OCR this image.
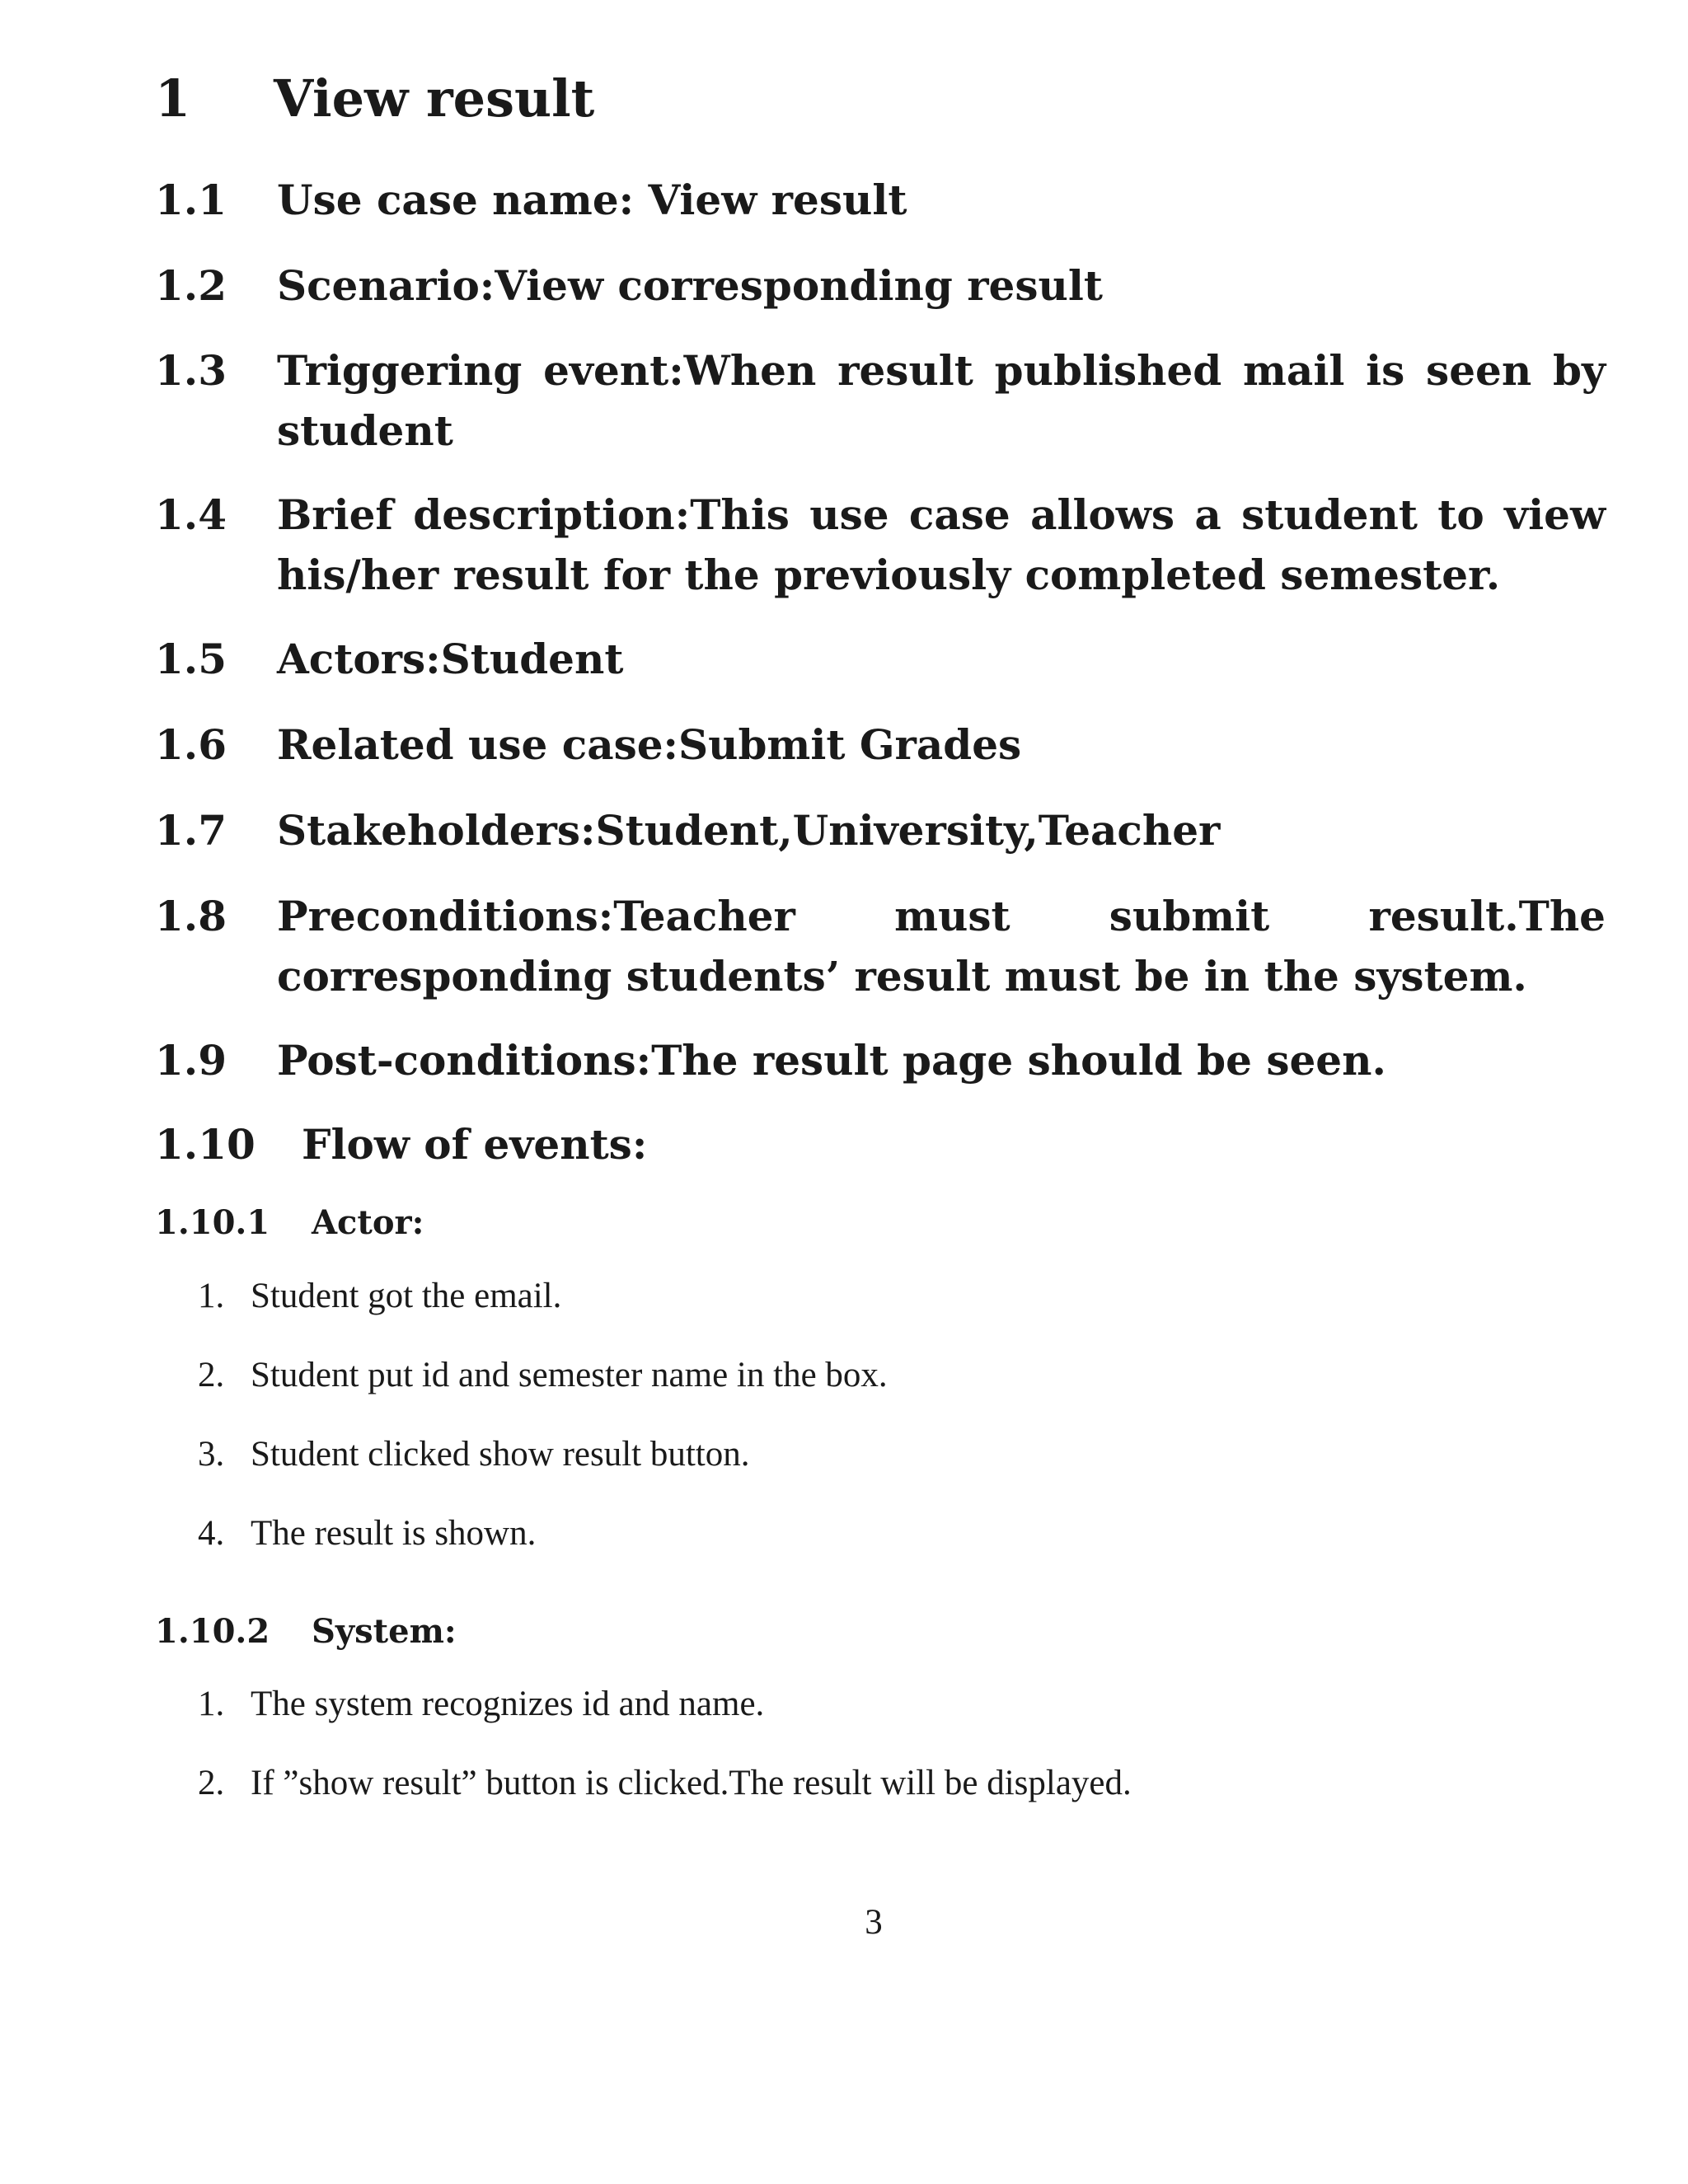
1 View result
1.1 Use case name: View result
1.2 Scenario:View corresponding result
1.3 Triggering event:When result published mail is seen by student
1.4 Brief description:This use case allows a student to view his/her result for the previously completed semester.
1.5 Actors:Student
1.6 Related use case:Submit Grades
1.7 Stakeholders:Student,University,Teacher
1.8 Preconditions:Teacher must submit result.The corresponding students’ result must be in the system.
1.9 Post-conditions:The result page should be seen.
1.10 Flow of events:
1.10.1 Actor:
1. Student got the email.
2. Student put id and semester name in the box.
3. Student clicked show result button.
4. The result is shown.
1.10.2 System:
1. The system recognizes id and name.
2. If ”show result” button is clicked.The result will be displayed.
3
